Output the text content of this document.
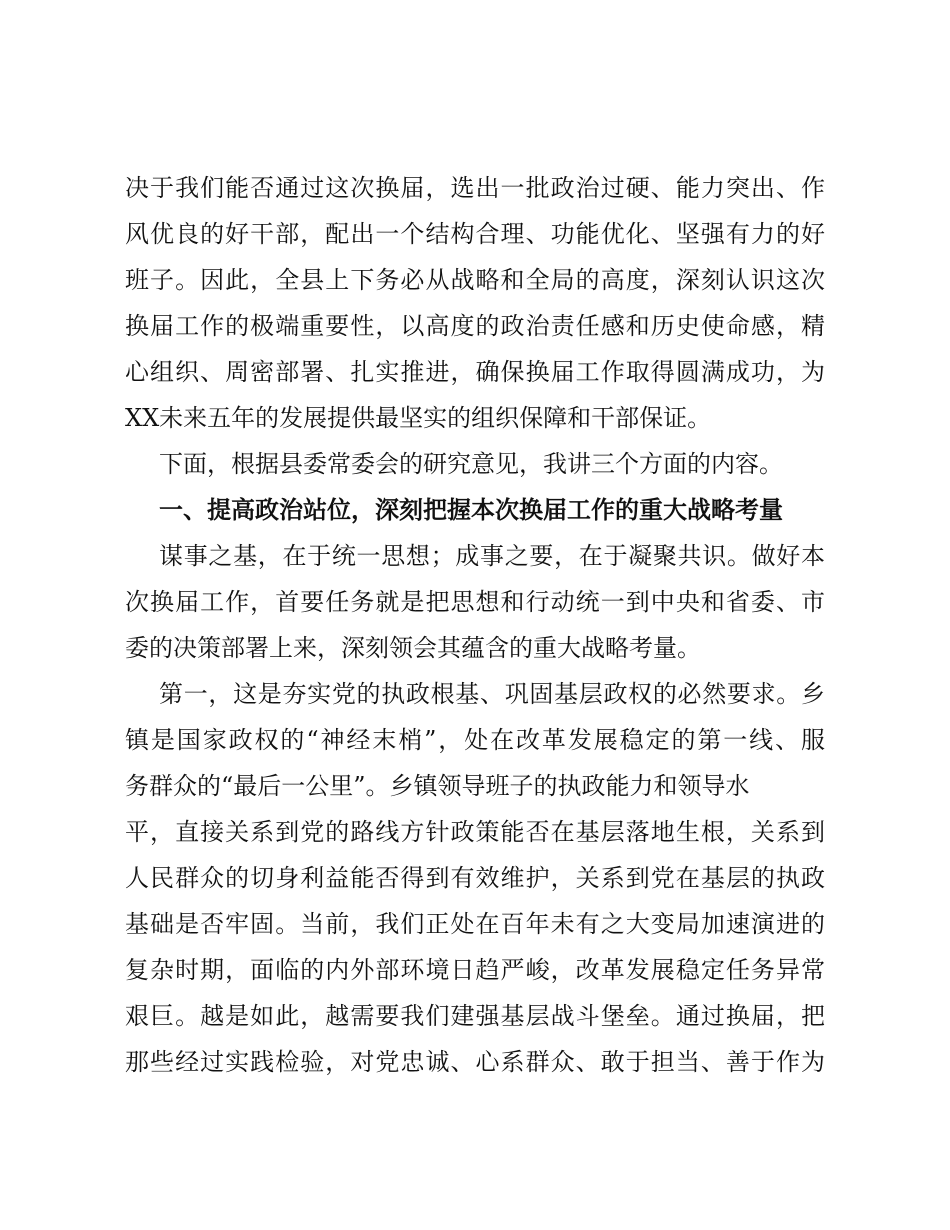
决于我们能否通过这次换届，选出一批政治过硬、能力突出、作
风优良的好干部，配出一个结构合理、功能优化、坚强有力的好
班子。因此，全县上下务必从战略和全局的高度，深刻认识这次
换届工作的极端重要性，以高度的政治责任感和历史使命感，精
心组织、周密部署、扎实推进，确保换届工作取得圆满成功，为
XX未来五年的发展提供最坚实的组织保障和干部保证。
下面，根据县委常委会的研究意见，我讲三个方面的内容。
一、提高政治站位，深刻把握本次换届工作的重大战略考量
谋事之基，在于统一思想；成事之要，在于凝聚共识。做好本
次换届工作，首要任务就是把思想和行动统一到中央和省委、市
委的决策部署上来，深刻领会其蕴含的重大战略考量。
第一，这是夯实党的执政根基、巩固基层政权的必然要求。乡
镇是国家政权的“神经末梢”，处在改革发展稳定的第一线、服
务群众的“最后一公里”。乡镇领导班子的执政能力和领导水
平，直接关系到党的路线方针政策能否在基层落地生根，关系到
人民群众的切身利益能否得到有效维护，关系到党在基层的执政
基础是否牢固。当前，我们正处在百年未有之大变局加速演进的
复杂时期，面临的内外部环境日趋严峻，改革发展稳定任务异常
艰巨。越是如此，越需要我们建强基层战斗堡垒。通过换届，把
那些经过实践检验，对党忠诚、心系群众、敢于担当、善于作为
